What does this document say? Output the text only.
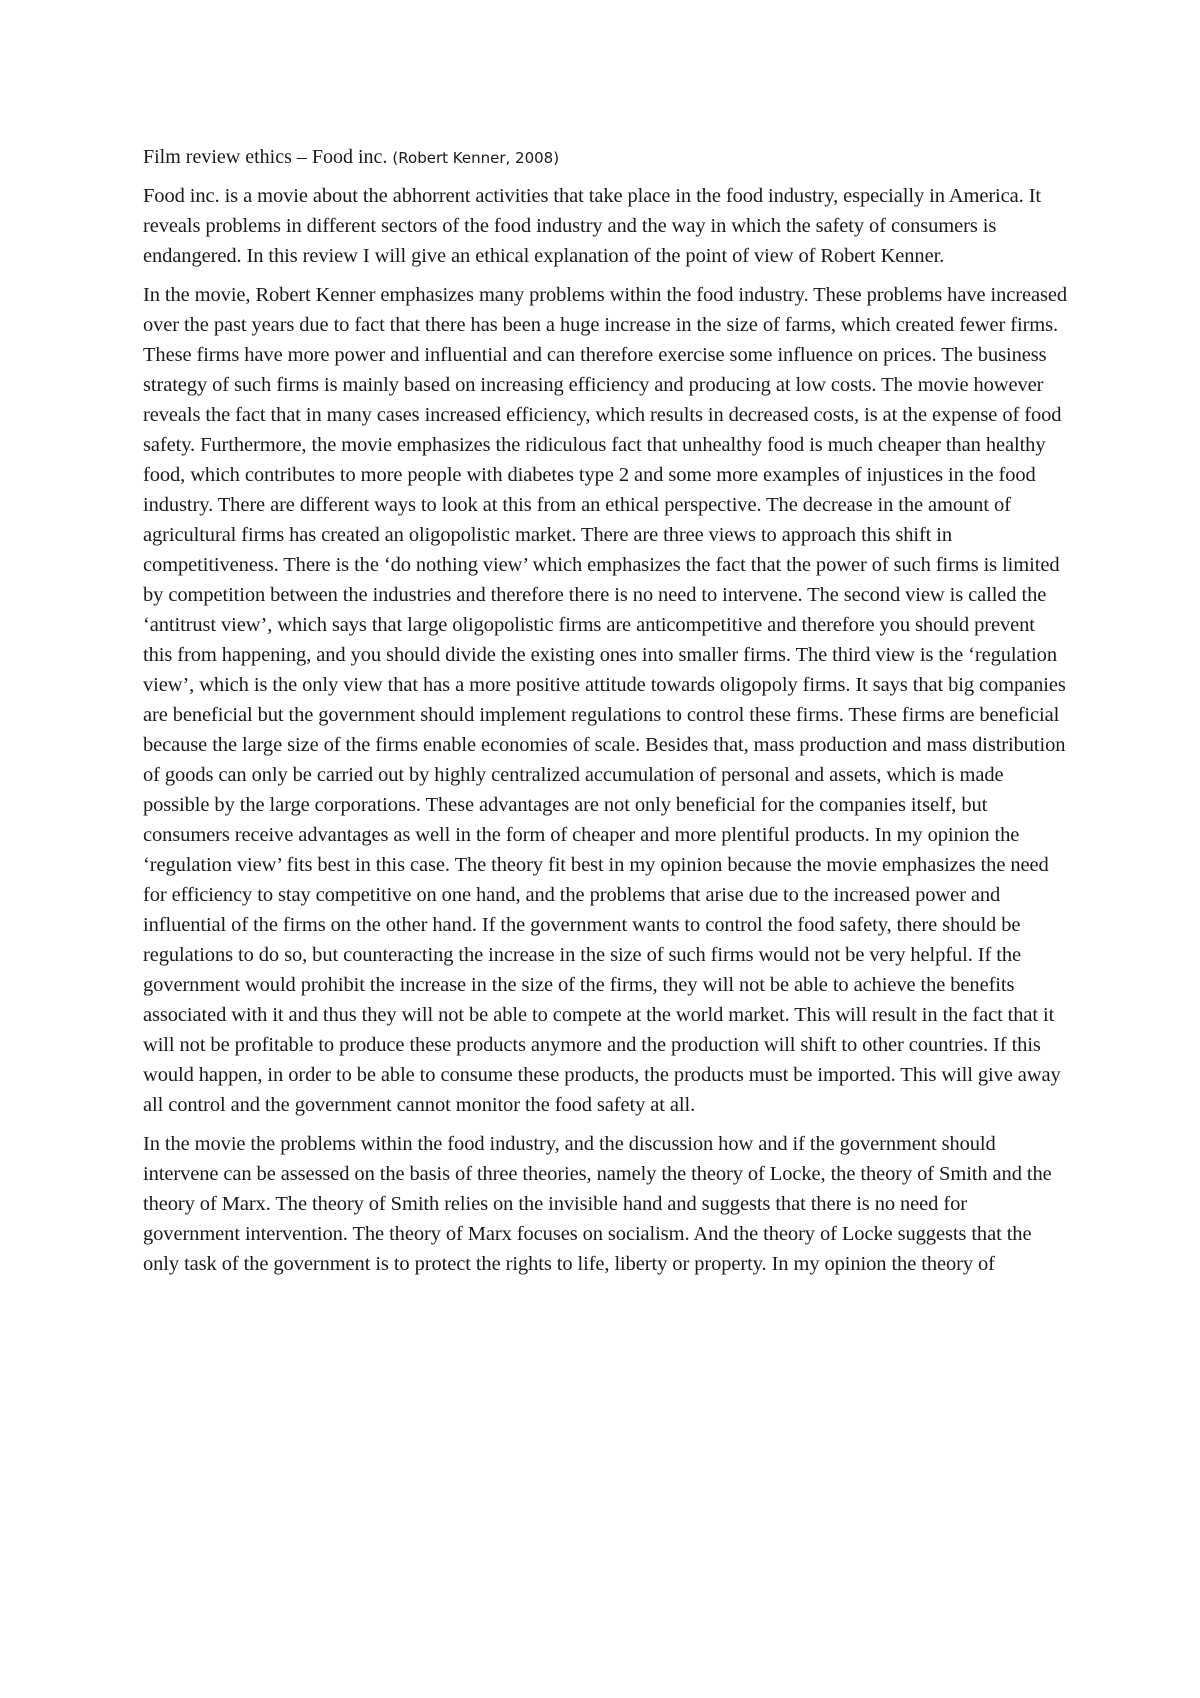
Film review ethics – Food inc. (Robert Kenner, 2008)

Food inc. is a movie about the abhorrent activities that take place in the food industry, especially in America. It reveals problems in different sectors of the food industry and the way in which the safety of consumers is endangered. In this review I will give an ethical explanation of the point of view of Robert Kenner.

In the movie, Robert Kenner emphasizes many problems within the food industry. These problems have increased over the past years due to fact that there has been a huge increase in the size of farms, which created fewer firms. These firms have more power and influential and can therefore exercise some influence on prices. The business strategy of such firms is mainly based on increasing efficiency and producing at low costs. The movie however reveals the fact that in many cases increased efficiency, which results in decreased costs, is at the expense of food safety. Furthermore, the movie emphasizes the ridiculous fact that unhealthy food is much cheaper than healthy food, which contributes to more people with diabetes type 2 and some more examples of injustices in the food industry. There are different ways to look at this from an ethical perspective. The decrease in the amount of agricultural firms has created an oligopolistic market. There are three views to approach this shift in competitiveness. There is the ‘do nothing view’ which emphasizes the fact that the power of such firms is limited by competition between the industries and therefore there is no need to intervene. The second view is called the ‘antitrust view’, which says that large oligopolistic firms are anticompetitive and therefore you should prevent this from happening, and you should divide the existing ones into smaller firms. The third view is the ‘regulation view’, which is the only view that has a more positive attitude towards oligopoly firms. It says that big companies are beneficial but the government should implement regulations to control these firms. These firms are beneficial because the large size of the firms enable economies of scale. Besides that, mass production and mass distribution of goods can only be carried out by highly centralized accumulation of personal and assets, which is made possible by the large corporations. These advantages are not only beneficial for the companies itself, but consumers receive advantages as well in the form of cheaper and more plentiful products. In my opinion the ‘regulation view’ fits best in this case. The theory fit best in my opinion because the movie emphasizes the need for efficiency to stay competitive on one hand, and the problems that arise due to the increased power and influential of the firms on the other hand. If the government wants to control the food safety, there should be regulations to do so, but counteracting the increase in the size of such firms would not be very helpful. If the government would prohibit the increase in the size of the firms, they will not be able to achieve the benefits associated with it and thus they will not be able to compete at the world market. This will result in the fact that it will not be profitable to produce these products anymore and the production will shift to other countries. If this would happen, in order to be able to consume these products, the products must be imported. This will give away all control and the government cannot monitor the food safety at all.

In the movie the problems within the food industry, and the discussion how and if the government should intervene can be assessed on the basis of three theories, namely the theory of Locke, the theory of Smith and the theory of Marx. The theory of Smith relies on the invisible hand and suggests that there is no need for government intervention. The theory of Marx focuses on socialism. And the theory of Locke suggests that the only task of the government is to protect the rights to life, liberty or property. In my opinion the theory of
